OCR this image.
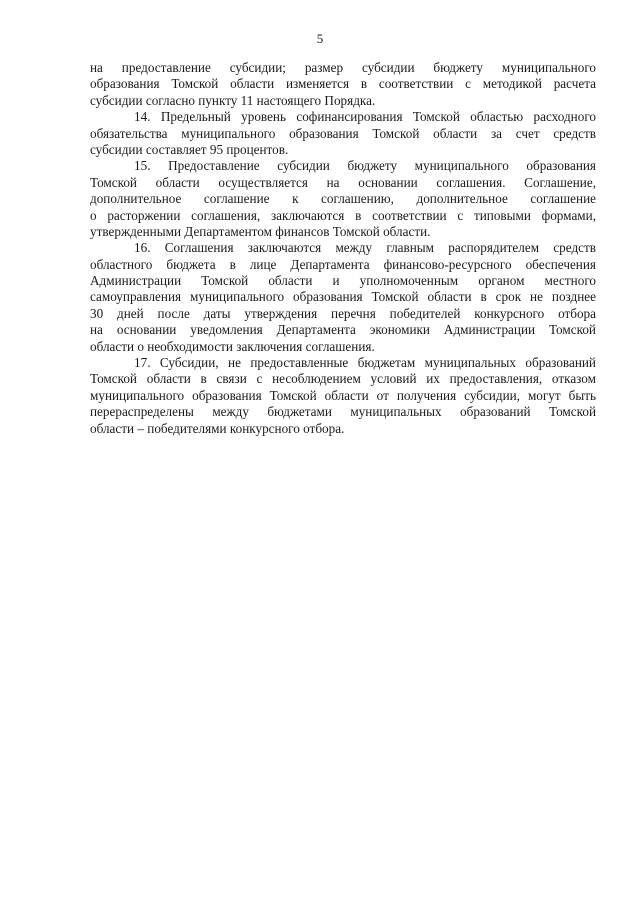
5
на предоставление субсидии; размер субсидии бюджету муниципального
образования Томской области изменяется в соответствии с методикой расчета
субсидии согласно пункту 11 настоящего Порядка.
14. Предельный уровень софинансирования Томской областью расходного
обязательства муниципального образования Томской области за счет средств
субсидии составляет 95 процентов.
15. Предоставление субсидии бюджету муниципального образования
Томской области осуществляется на основании соглашения. Соглашение,
дополнительное соглашение к соглашению, дополнительное соглашение
о расторжении соглашения, заключаются в соответствии с типовыми формами,
утвержденными Департаментом финансов Томской области.
16. Соглашения заключаются между главным распорядителем средств
областного бюджета в лице Департамента финансово-ресурсного обеспечения
Администрации Томской области и уполномоченным органом местного
самоуправления муниципального образования Томской области в срок не позднее
30 дней после даты утверждения перечня победителей конкурсного отбора
на основании уведомления Департамента экономики Администрации Томской
области о необходимости заключения соглашения.
17. Субсидии, не предоставленные бюджетам муниципальных образований
Томской области в связи с несоблюдением условий их предоставления, отказом
муниципального образования Томской области от получения субсидии, могут быть
перераспределены между бюджетами муниципальных образований Томской
области – победителями конкурсного отбора.
